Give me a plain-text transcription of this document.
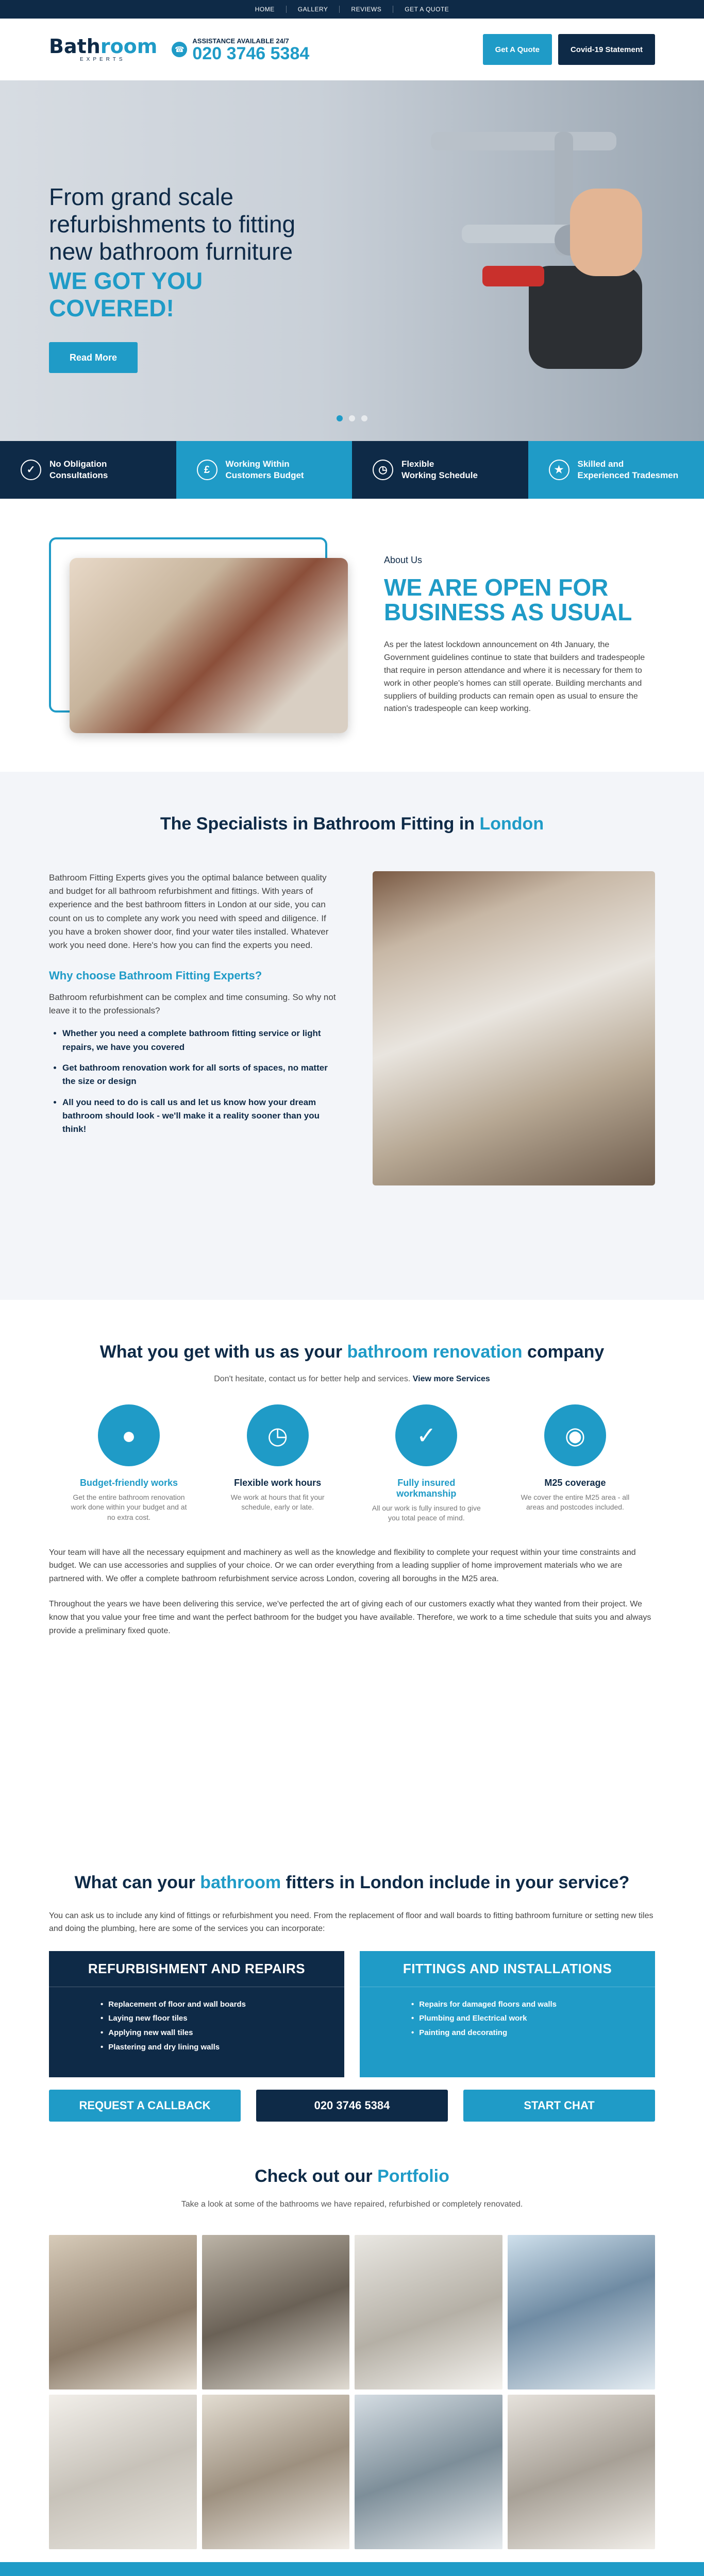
HOME	GALLERY	REVIEWS	GET A QUOTE
Bathroom
EXPERTS
☎
ASSISTANCE AVAILABLE 24/7
020 3746 5384	Get A Quote	Covid-19 Statement
From grand scale refurbishments to fitting new bathroom furniture
WE GOT YOU COVERED!
Read More
✓
No Obligation
Consultations	£
Working Within
Customers Budget	◷
Flexible
Working Schedule	★
Skilled and
Experienced Tradesmen
About Us
WE ARE OPEN FOR BUSINESS AS USUAL

As per the latest lockdown announcement on 4th January, the Government guidelines continue to state that builders and tradespeople that require in person attendance and where it is necessary for them to work in other people's homes can still operate. Building merchants and suppliers of building products can remain open as usual to ensure the nation's tradespeople can keep working.

The Specialists in Bathroom Fitting in London

Bathroom Fitting Experts gives you the optimal balance between quality and budget for all bathroom refurbishment and fittings. With years of experience and the best bathroom fitters in London at our side, you can count on us to complete any work you need with speed and diligence. If you have a broken shower door, find your water tiles installed. Whatever work you need done. Here's how you can find the experts you need.

Why choose Bathroom Fitting Experts?

Bathroom refurbishment can be complex and time consuming. So why not leave it to the professionals?

• Whether you need a complete bathroom fitting service or light repairs, we have you covered
• Get bathroom renovation work for all sorts of spaces, no matter the size or design
• All you need to do is call us and let us know how your dream bathroom should look - we'll make it a reality sooner than you think!
What you get with us as your bathroom renovation company

Don't hesitate, contact us for better help and services. View more Services

●
Budget-friendly works
Get the entire bathroom renovation work done within your budget and at no extra cost.
◷
Flexible work hours
We work at hours that fit your schedule, early or late.
✓
Fully insured workmanship
All our work is fully insured to give you total peace of mind.
◉
M25 coverage
We cover the entire M25 area - all areas and postcodes included.

Your team will have all the necessary equipment and machinery as well as the knowledge and flexibility to complete your request within your time constraints and budget. We can use accessories and supplies of your choice. Or we can order everything from a leading supplier of home improvement materials who we are partnered with. We offer a complete bathroom refurbishment service across London, covering all boroughs in the M25 area.

Throughout the years we have been delivering this service, we've perfected the art of giving each of our customers exactly what they wanted from their project. We know that you value your free time and want the perfect bathroom for the budget you have available. Therefore, we work to a time schedule that suits you and always provide a preliminary fixed quote.

What can your bathroom fitters in London include in your service?

You can ask us to include any kind of fittings or refurbishment you need. From the replacement of floor and wall boards to fitting bathroom furniture or setting new tiles and doing the plumbing, here are some of the services you can incorporate:

REFURBISHMENT AND REPAIRS
• Replacement of floor and wall boards
• Laying new floor tiles
• Applying new wall tiles
• Plastering and dry lining walls
FITTINGS AND INSTALLATIONS
• Repairs for damaged floors and walls
• Plumbing and Electrical work
• Painting and decorating
REQUEST A CALLBACK	020 3746 5384	START CHAT
Check out our Portfolio

Take a look at some of the bathrooms we have repaired, refurbished or completely renovated.
